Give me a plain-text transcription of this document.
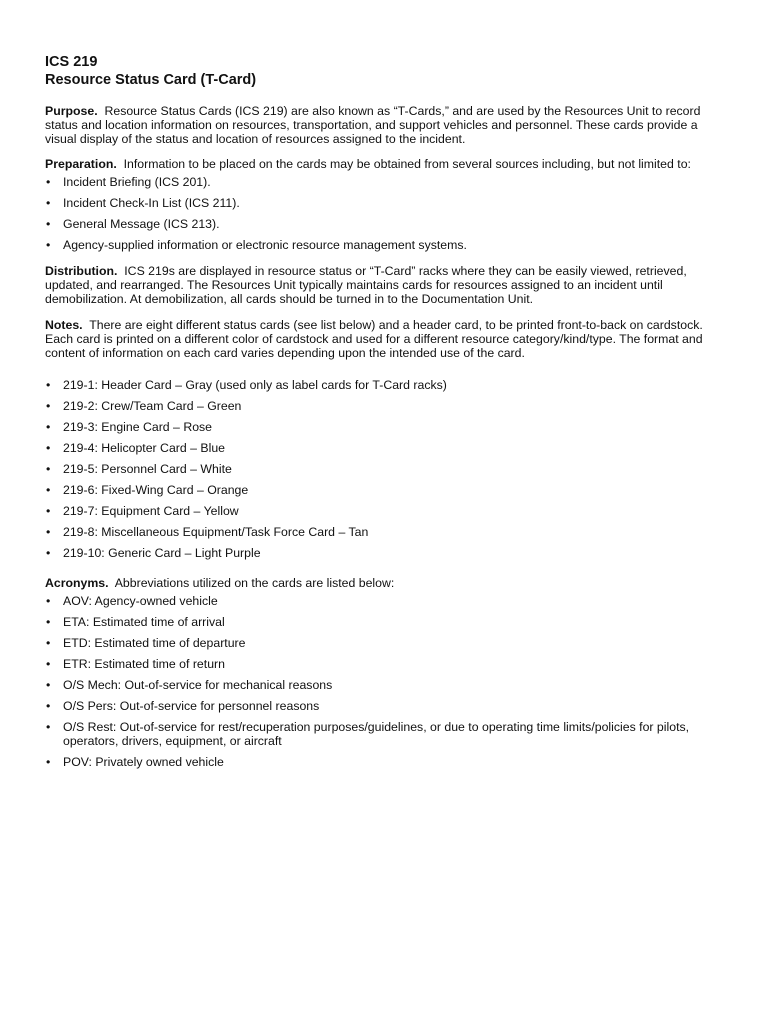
ICS 219
Resource Status Card (T-Card)

Purpose. Resource Status Cards (ICS 219) are also known as “T-Cards,” and are used by the Resources Unit to record status and location information on resources, transportation, and support vehicles and personnel. These cards provide a visual display of the status and location of resources assigned to the incident.

Preparation. Information to be placed on the cards may be obtained from several sources including, but not limited to:

• Incident Briefing (ICS 201).
• Incident Check-In List (ICS 211).
• General Message (ICS 213).
• Agency-supplied information or electronic resource management systems.

Distribution. ICS 219s are displayed in resource status or “T-Card” racks where they can be easily viewed, retrieved, updated, and rearranged. The Resources Unit typically maintains cards for resources assigned to an incident until demobilization. At demobilization, all cards should be turned in to the Documentation Unit.

Notes. There are eight different status cards (see list below) and a header card, to be printed front-to-back on cardstock. Each card is printed on a different color of cardstock and used for a different resource category/kind/type. The format and content of information on each card varies depending upon the intended use of the card.

• 219-1: Header Card – Gray (used only as label cards for T-Card racks)
• 219-2: Crew/Team Card – Green
• 219-3: Engine Card – Rose
• 219-4: Helicopter Card – Blue
• 219-5: Personnel Card – White
• 219-6: Fixed-Wing Card – Orange
• 219-7: Equipment Card – Yellow
• 219-8: Miscellaneous Equipment/Task Force Card – Tan
• 219-10: Generic Card – Light Purple

Acronyms. Abbreviations utilized on the cards are listed below:

• AOV: Agency-owned vehicle
• ETA: Estimated time of arrival
• ETD: Estimated time of departure
• ETR: Estimated time of return
• O/S Mech: Out-of-service for mechanical reasons
• O/S Pers: Out-of-service for personnel reasons
• O/S Rest: Out-of-service for rest/recuperation purposes/guidelines, or due to operating time limits/policies for pilots, operators, drivers, equipment, or aircraft
• POV: Privately owned vehicle
